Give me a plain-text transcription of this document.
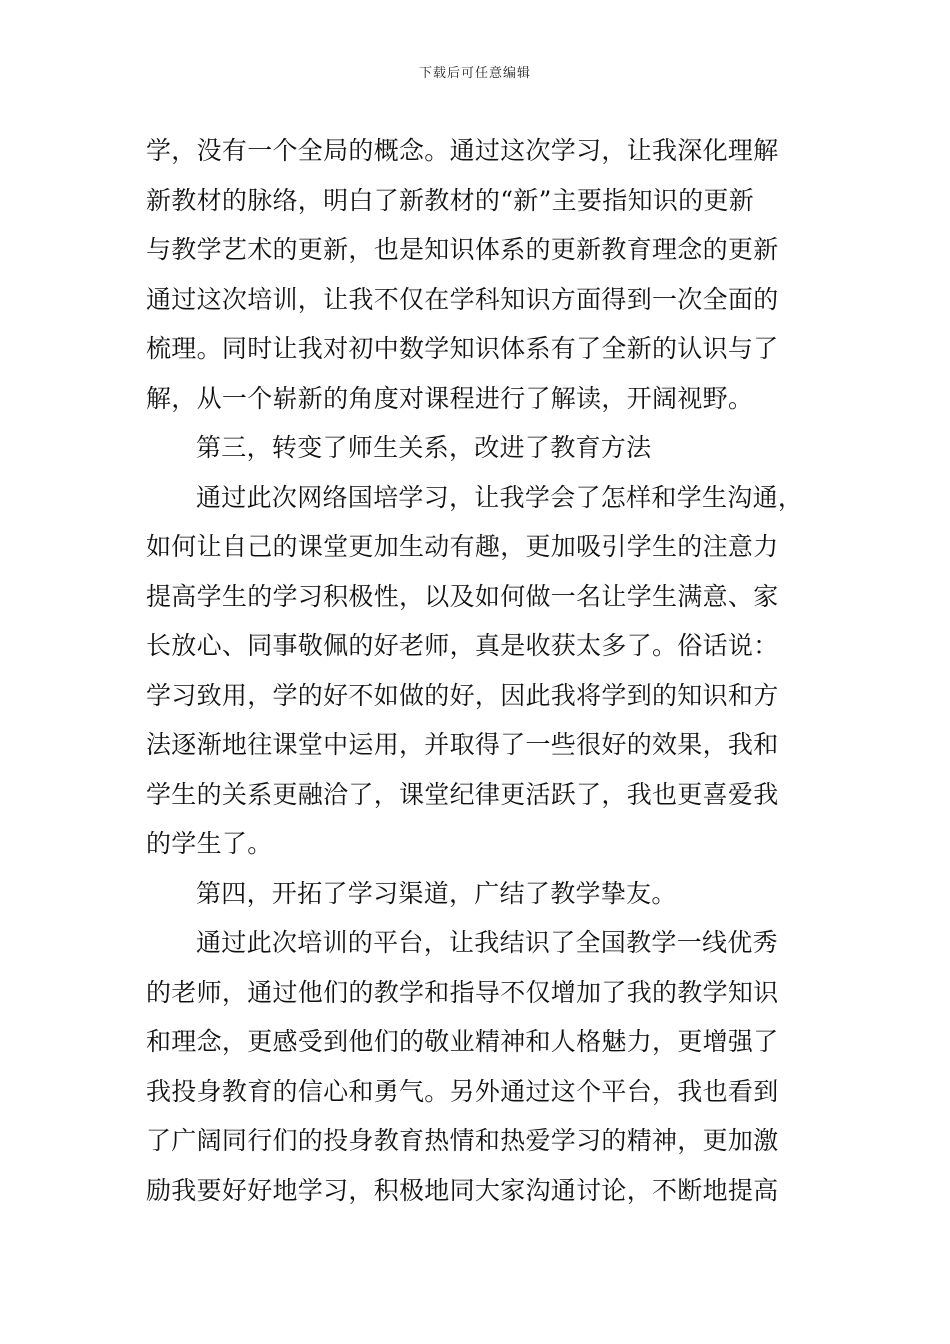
下载后可任意编辑
学，没有一个全局的概念。通过这次学习，让我深化理解
新教材的脉络，明白了新教材的“新”主要指知识的更新
与教学艺术的更新，也是知识体系的更新教育理念的更新
通过这次培训，让我不仅在学科知识方面得到一次全面的
梳理。同时让我对初中数学知识体系有了全新的认识与了
解，从一个崭新的角度对课程进行了解读，开阔视野。
第三，转变了师生关系，改进了教育方法
通过此次网络国培学习，让我学会了怎样和学生沟通，
如何让自己的课堂更加生动有趣，更加吸引学生的注意力
提高学生的学习积极性，以及如何做一名让学生满意、家
长放心、同事敬佩的好老师，真是收获太多了。俗话说：
学习致用，学的好不如做的好，因此我将学到的知识和方
法逐渐地往课堂中运用，并取得了一些很好的效果，我和
学生的关系更融洽了，课堂纪律更活跃了，我也更喜爱我
的学生了。
第四，开拓了学习渠道，广结了教学挚友。
通过此次培训的平台，让我结识了全国教学一线优秀
的老师，通过他们的教学和指导不仅增加了我的教学知识
和理念，更感受到他们的敬业精神和人格魅力，更增强了
我投身教育的信心和勇气。另外通过这个平台，我也看到
了广阔同行们的投身教育热情和热爱学习的精神，更加激
励我要好好地学习，积极地同大家沟通讨论，不断地提高
